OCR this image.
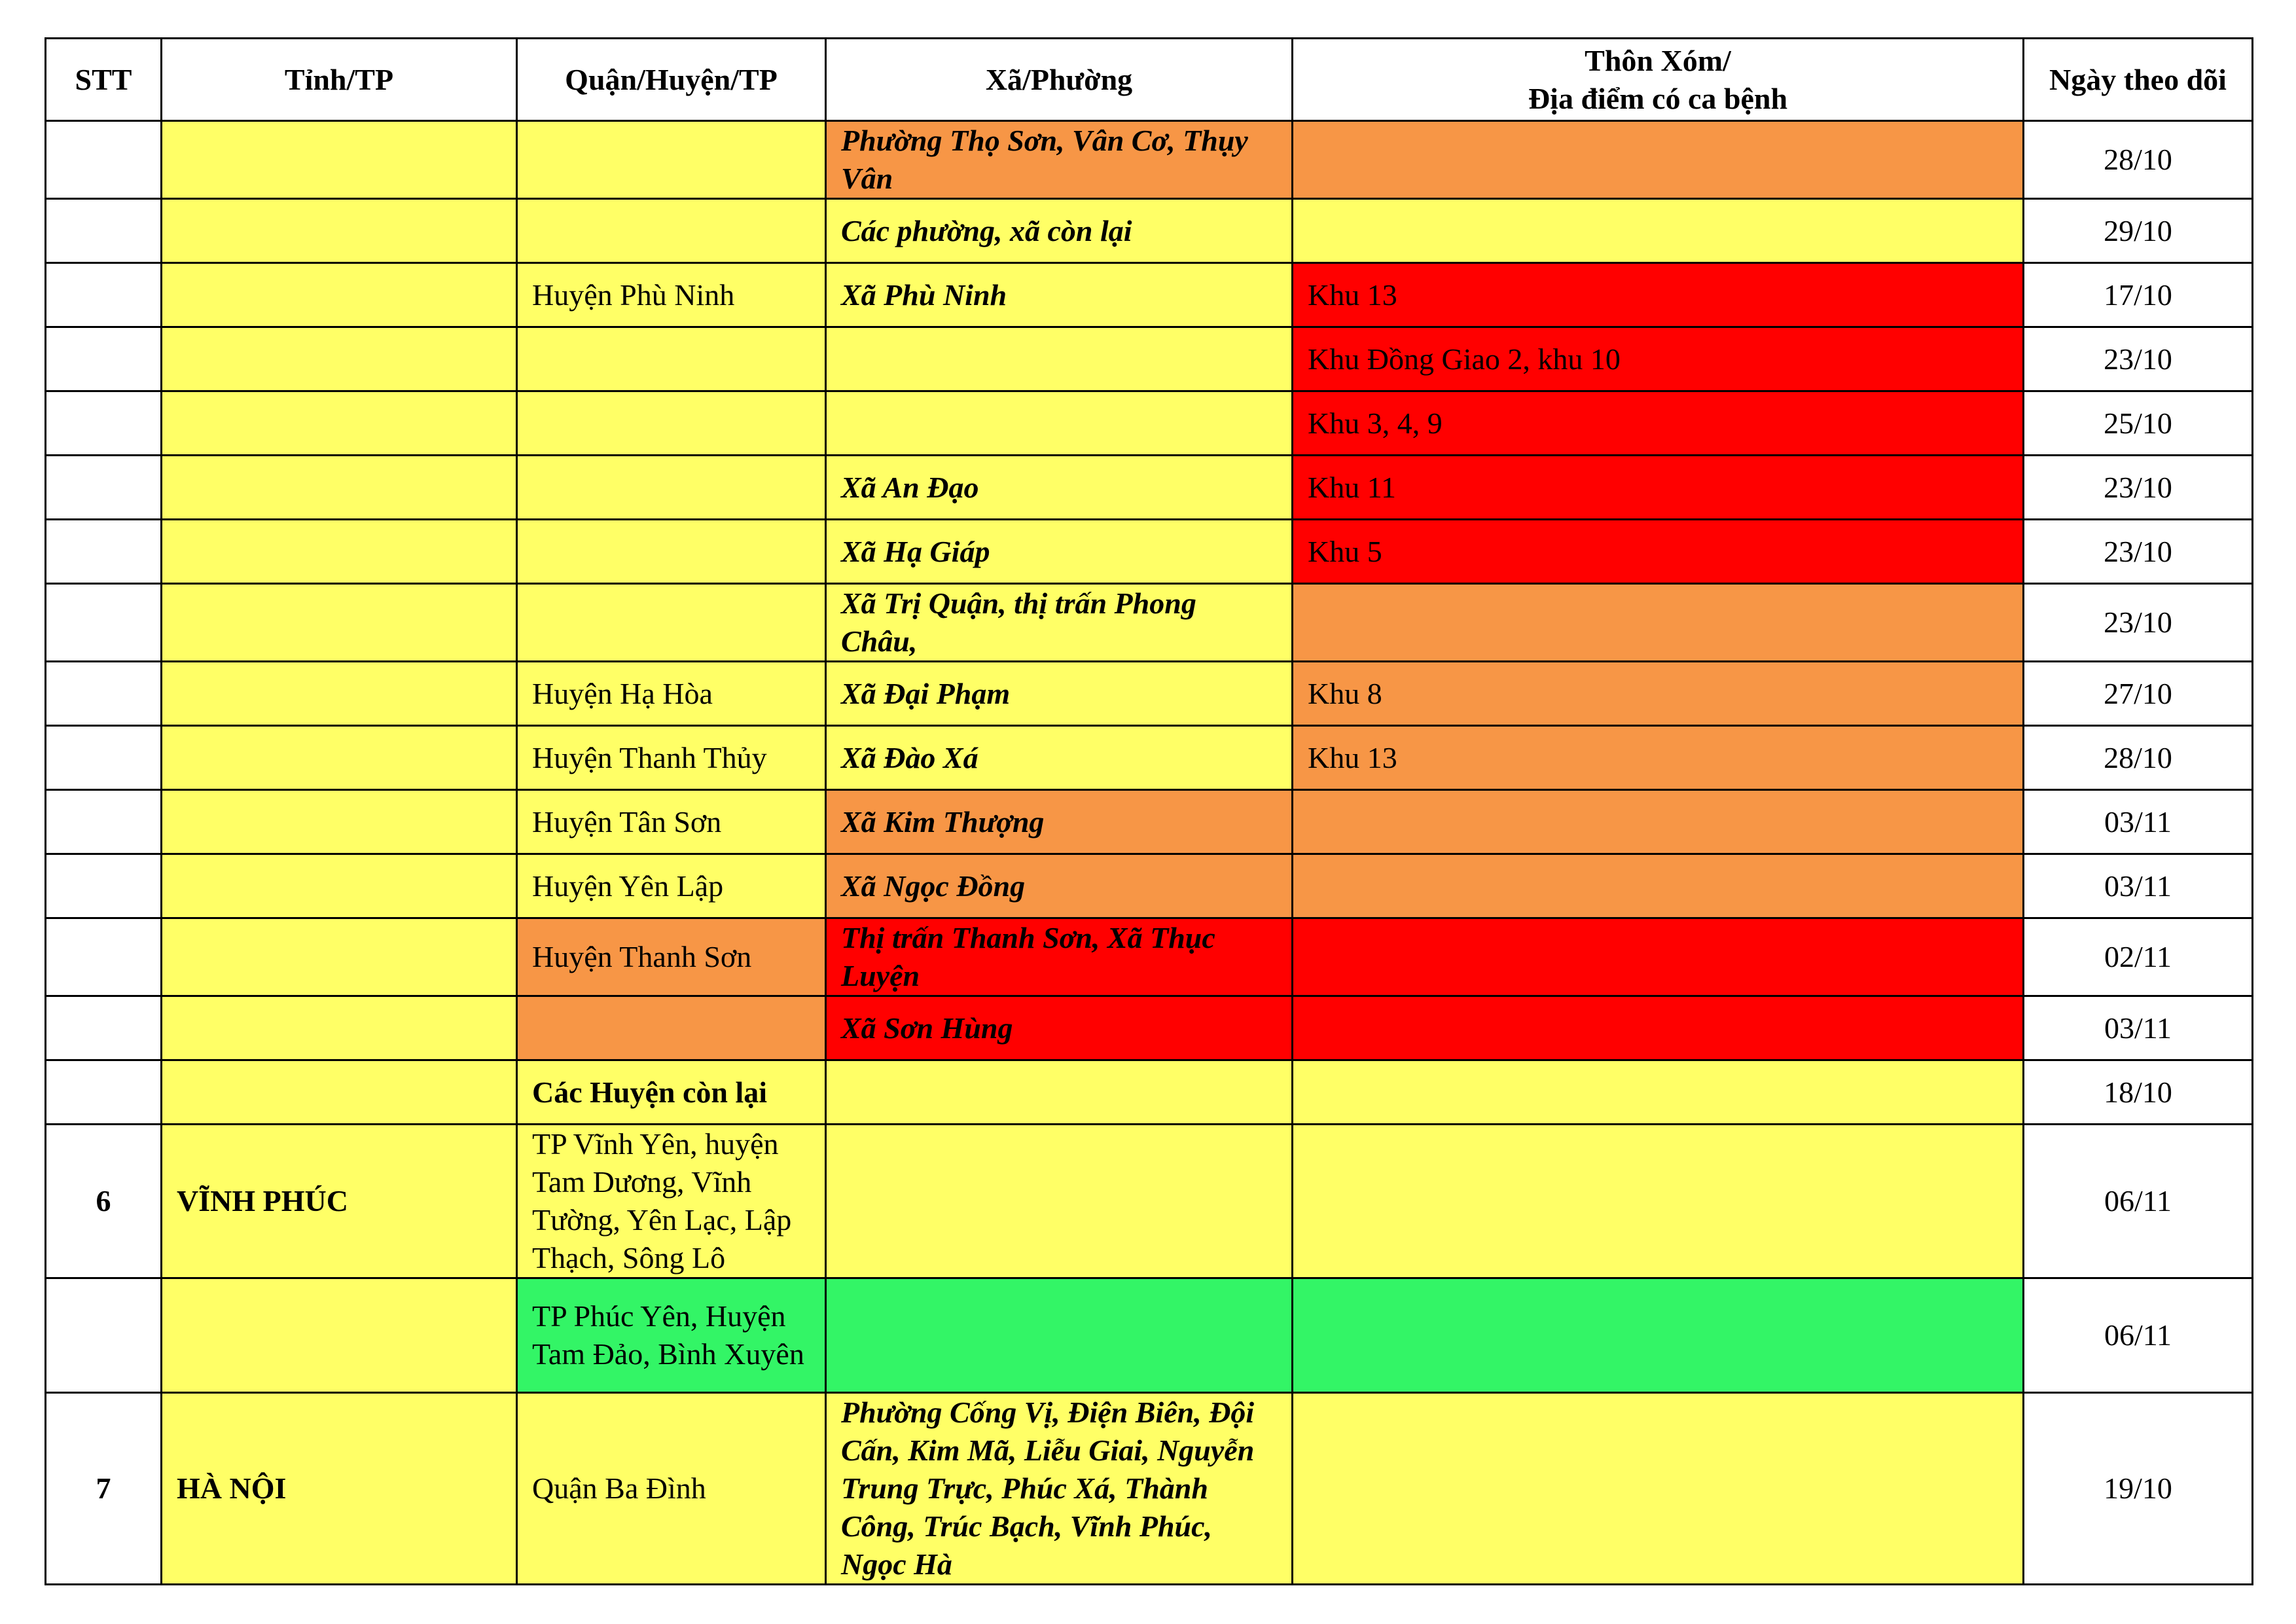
STT	Tỉnh/TP	Quận/Huyện/TP	Xã/Phường	Thôn Xóm/
Địa điểm có ca bệnh	Ngày theo dõi
			Phường Thọ Sơn, Vân Cơ, Thụy Vân		28/10
			Các phường, xã còn lại		29/10
		Huyện Phù Ninh	Xã Phù Ninh	Khu 13	17/10
				Khu Đồng Giao 2, khu 10	23/10
				Khu 3, 4, 9	25/10
			Xã An Đạo	Khu 11	23/10
			Xã Hạ Giáp	Khu 5	23/10
			Xã Trị Quận, thị trấn Phong Châu,		23/10
		Huyện Hạ Hòa	Xã Đại Phạm	Khu 8	27/10
		Huyện Thanh Thủy	Xã Đào Xá	Khu 13	28/10
		Huyện Tân Sơn	Xã Kim Thượng		03/11
		Huyện Yên Lập	Xã Ngọc Đồng		03/11
		Huyện Thanh Sơn	Thị trấn Thanh Sơn, Xã Thục Luyện		02/11
			Xã Sơn Hùng		03/11
		Các Huyện còn lại			18/10
6	VĨNH PHÚC	TP Vĩnh Yên, huyện Tam Dương, Vĩnh Tường, Yên Lạc, Lập Thạch, Sông Lô			06/11
		TP Phúc Yên, Huyện Tam Đảo, Bình Xuyên			06/11
7	HÀ NỘI	Quận Ba Đình	Phường Cống Vị, Điện Biên, Đội Cấn, Kim Mã, Liễu Giai, Nguyễn Trung Trực, Phúc Xá, Thành Công, Trúc Bạch, Vĩnh Phúc, Ngọc Hà		19/10
